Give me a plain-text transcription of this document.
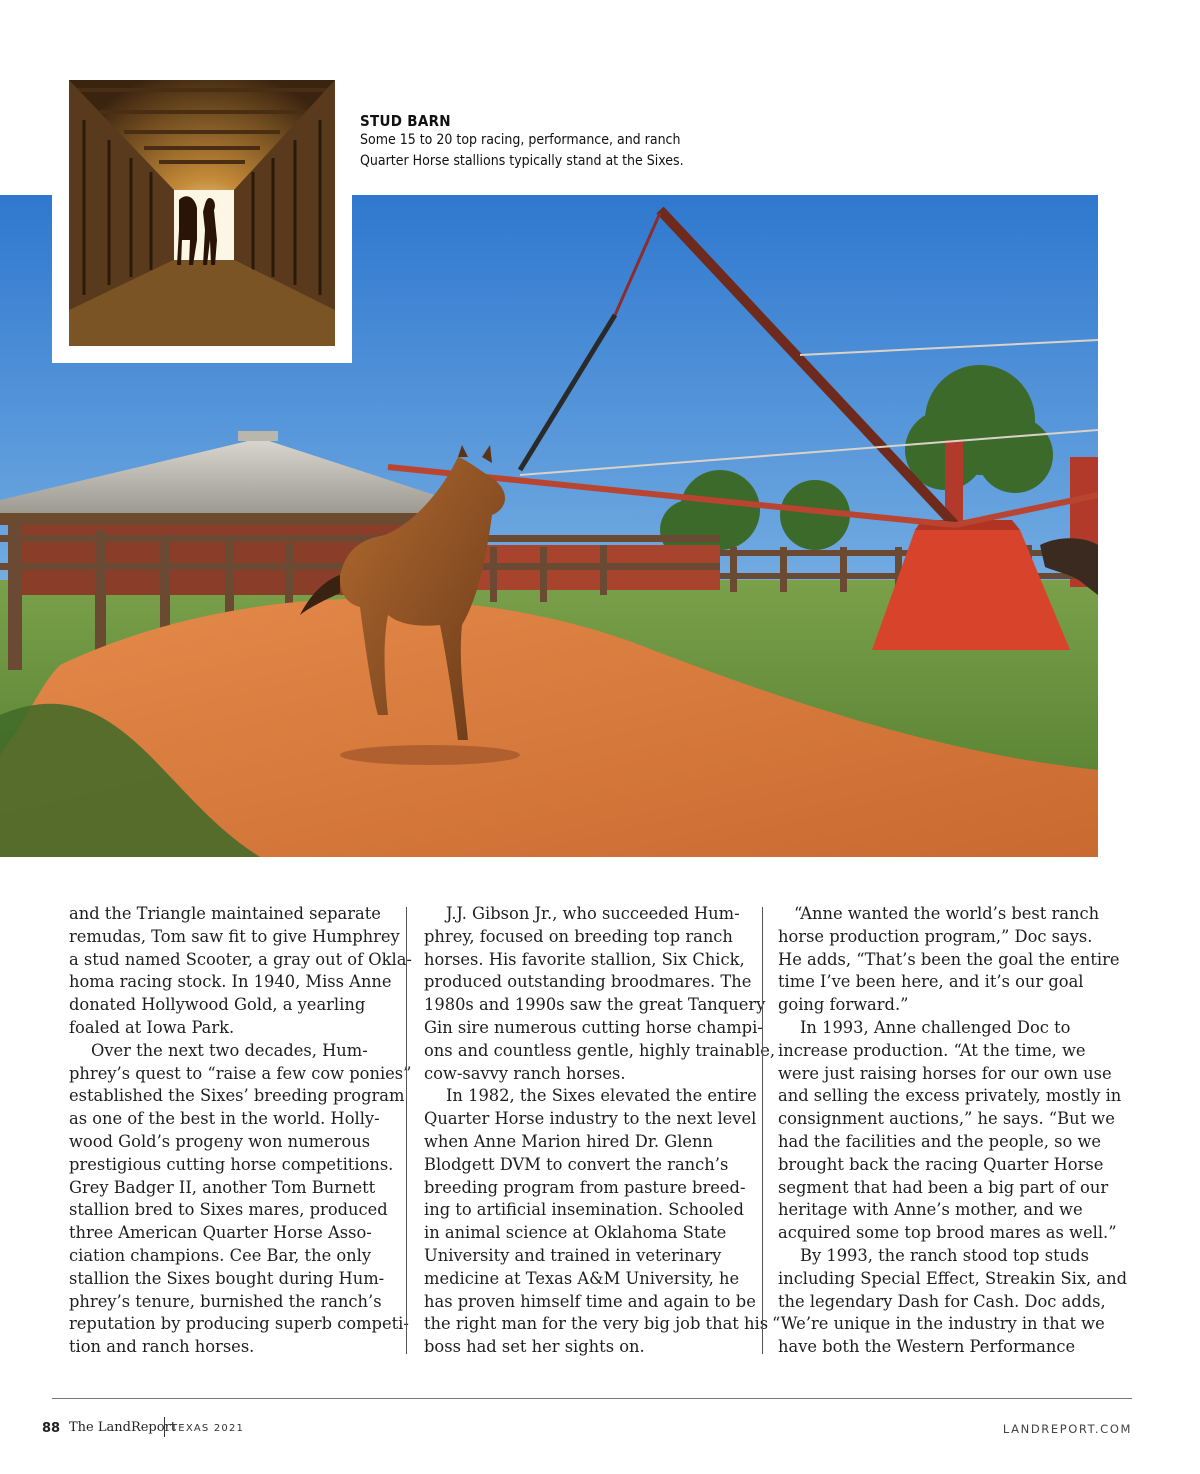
STUD BARN
Some 15 to 20 top racing, performance, and ranch
Quarter Horse stallions typically stand at the Sixes.

and the Triangle maintained separate
remudas, Tom saw fit to give Humphrey
a stud named Scooter, a gray out of Okla-
homa racing stock. In 1940, Miss Anne
donated Hollywood Gold, a yearling
foaled at Iowa Park.

Over the next two decades, Hum-
phrey’s quest to “raise a few cow ponies”
established the Sixes’ breeding program
as one of the best in the world. Holly-
wood Gold’s progeny won numerous
prestigious cutting horse competitions.
Grey Badger II, another Tom Burnett
stallion bred to Sixes mares, produced
three American Quarter Horse Asso-
ciation champions. Cee Bar, the only
stallion the Sixes bought during Hum-
phrey’s tenure, burnished the ranch’s
reputation by producing superb competi-
tion and ranch horses.

J.J. Gibson Jr., who succeeded Hum-
phrey, focused on breeding top ranch
horses. His favorite stallion, Six Chick,
produced outstanding broodmares. The
1980s and 1990s saw the great Tanquery
Gin sire numerous cutting horse champi-
ons and countless gentle, highly trainable,
cow-savvy ranch horses.

In 1982, the Sixes elevated the entire
Quarter Horse industry to the next level
when Anne Marion hired Dr. Glenn
Blodgett DVM to convert the ranch’s
breeding program from pasture breed-
ing to artificial insemination. Schooled
in animal science at Oklahoma State
University and trained in veterinary
medicine at Texas A&M University, he
has proven himself time and again to be
the right man for the very big job that his
boss had set her sights on.

“Anne wanted the world’s best ranch
horse production program,” Doc says.
He adds, “That’s been the goal the entire
time I’ve been here, and it’s our goal
going forward.”

In 1993, Anne challenged Doc to
increase production. “At the time, we
were just raising horses for our own use
and selling the excess privately, mostly in
consignment auctions,” he says. “But we
had the facilities and the people, so we
brought back the racing Quarter Horse
segment that had been a big part of our
heritage with Anne’s mother, and we
acquired some top brood mares as well.”

By 1993, the ranch stood top studs
including Special Effect, Streakin Six, and
the legendary Dash for Cash. Doc adds,
“We’re unique in the industry in that we
have both the Western Performance

88 The LandReport
TEXAS 2021	LANDREPORT.COM
